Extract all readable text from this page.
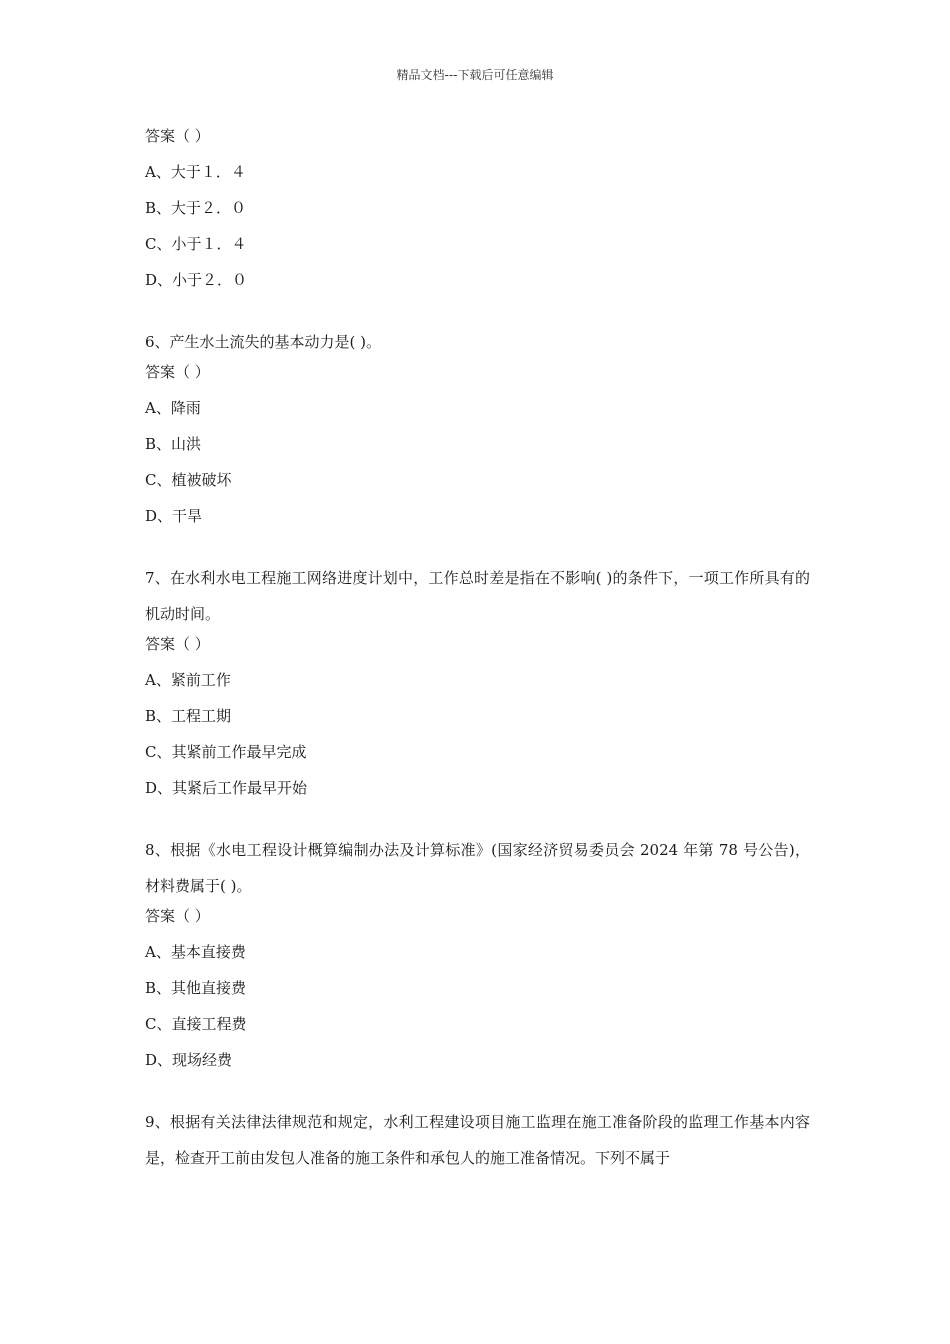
精品文档---下载后可任意编辑
答案（ ）
A、大于１．４
B、大于２．０
C、小于１．４
D、小于２．０
6、产生水土流失的基本动力是( )。
答案（ ）
A、降雨
B、山洪
C、植被破坏
D、干旱
7、在水利水电工程施工网络进度计划中，工作总时差是指在不影响( )的条件下，一项工作所具有的机动时间。
答案（ ）
A、紧前工作
B、工程工期
C、其紧前工作最早完成
D、其紧后工作最早开始
8、根据《水电工程设计概算编制办法及计算标准》(国家经济贸易委员会 2024 年第 78 号公告)，材料费属于( )。
答案（ ）
A、基本直接费
B、其他直接费
C、直接工程费
D、现场经费
9、根据有关法律法律规范和规定，水利工程建设项目施工监理在施工准备阶段的监理工作基本内容是，检查开工前由发包人准备的施工条件和承包人的施工准备情况。下列不属于
